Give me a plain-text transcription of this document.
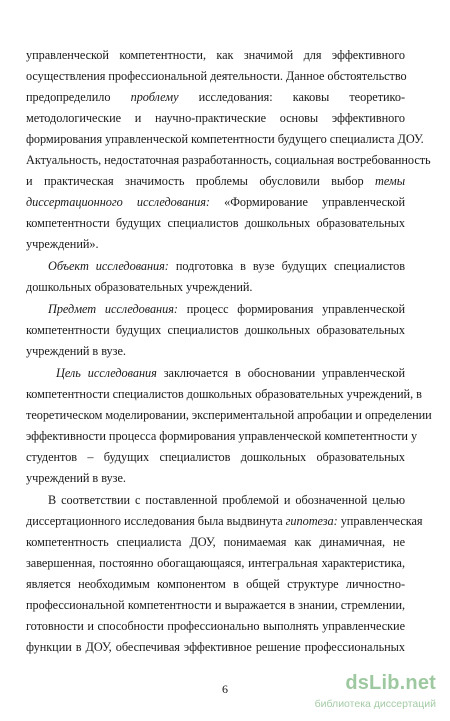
управленческой компетентности, как значимой для эффективного
осуществления профессиональной деятельности. Данное обстоятельство
предопределило проблему исследования: каковы теоретико-
методологические и научно-практические основы эффективного
формирования управленческой компетентности будущего специалиста ДОУ.
Актуальность, недостаточная разработанность, социальная востребованность
и практическая значимость проблемы обусловили выбор темы
диссертационного исследования: «Формирование управленческой
компетентности будущих специалистов дошкольных образовательных
учреждений».
Объект исследования: подготовка в вузе будущих специалистов
дошкольных образовательных учреждений.
Предмет исследования: процесс формирования управленческой
компетентности будущих специалистов дошкольных образовательных
учреждений в вузе.
Цель исследования заключается в обосновании управленческой
компетентности специалистов дошкольных образовательных учреждений, в
теоретическом моделировании, экспериментальной апробации и определении
эффективности процесса формирования управленческой компетентности у
студентов – будущих специалистов дошкольных образовательных
учреждений в вузе.
В соответствии с поставленной проблемой и обозначенной целью
диссертационного исследования была выдвинута гипотеза: управленческая
компетентность специалиста ДОУ, понимаемая как динамичная, не
завершенная, постоянно обогащающаяся, интегральная характеристика,
является необходимым компонентом в общей структуре личностно-
профессиональной компетентности и выражается в знании, стремлении,
готовности и способности профессионально выполнять управленческие
функции в ДОУ, обеспечивая эффективное решение профессиональных
6	dsLib.net
библиотека диссертаций
